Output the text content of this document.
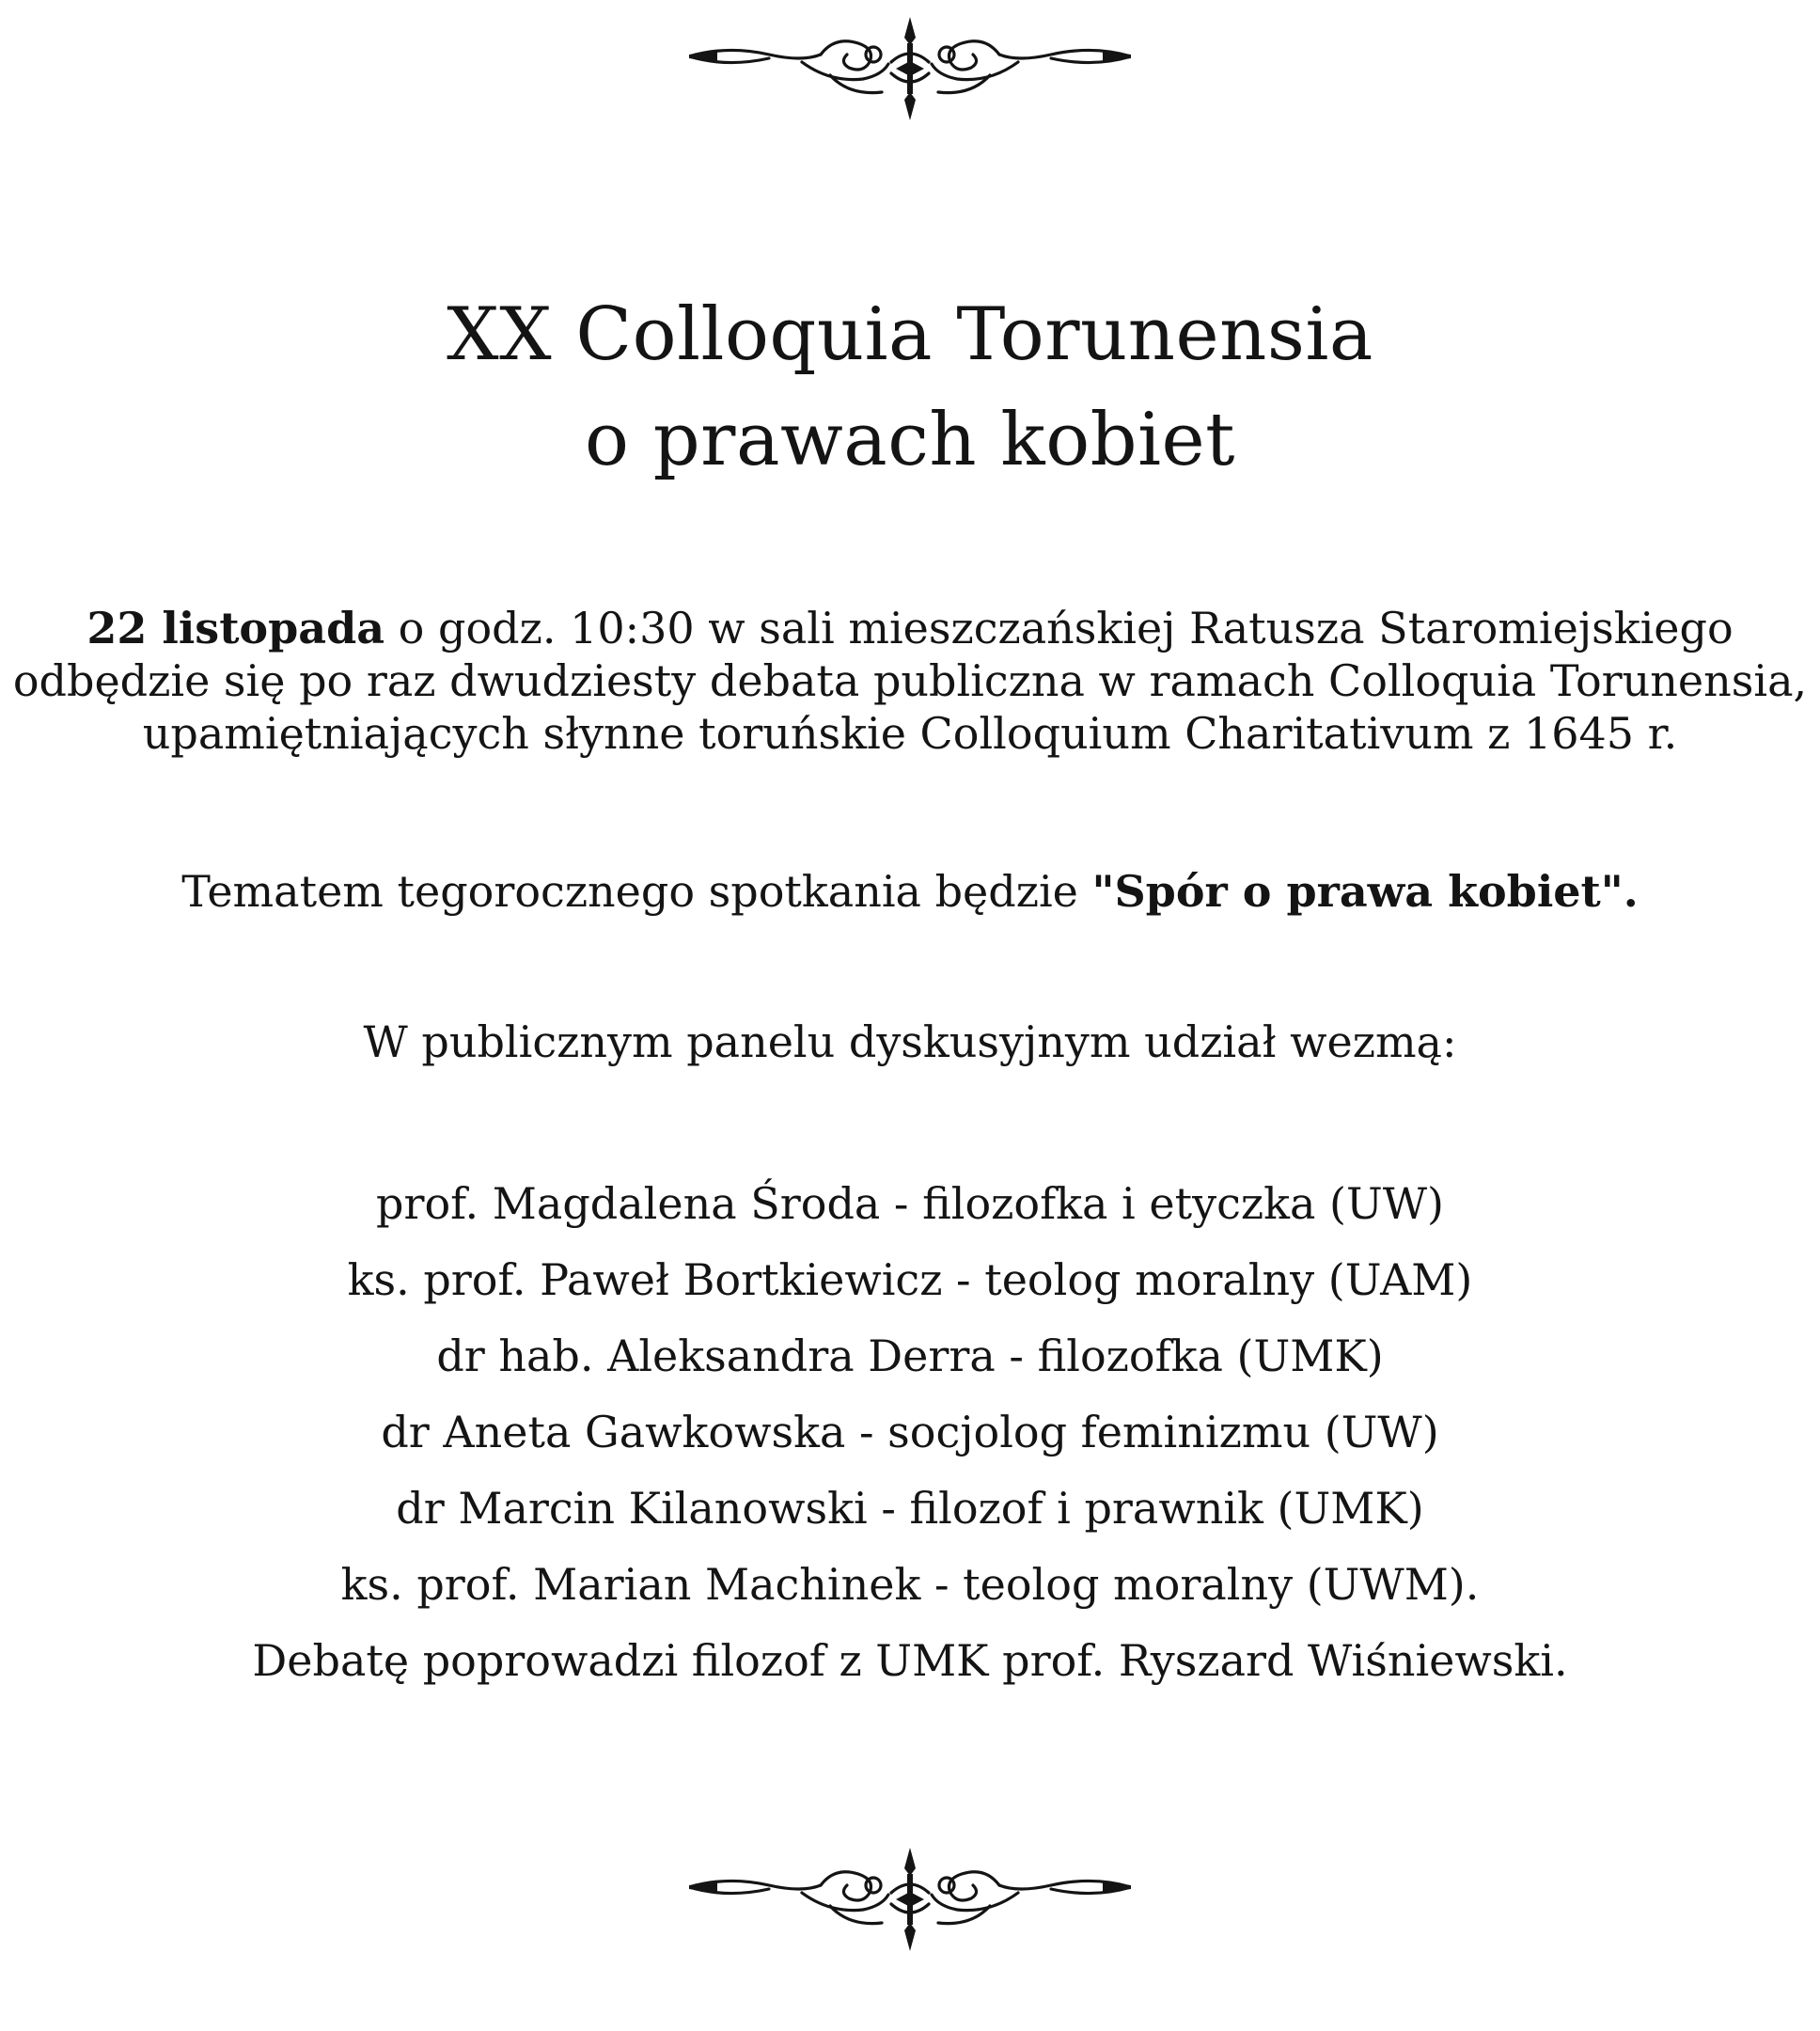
XX Colloquia Torunensia
o prawach kobiet
22 listopada o godz. 10:30 w sali mieszczańskiej Ratusza Staromiejskiego
odbędzie się po raz dwudziesty debata publiczna w ramach Colloquia Torunensia,
upamiętniających słynne toruńskie Colloquium Charitativum z 1645 r.
Tematem tegorocznego spotkania będzie "Spór o prawa kobiet".
W publicznym panelu dyskusyjnym udział wezmą:
prof. Magdalena Środa - filozofka i etyczka (UW)
ks. prof. Paweł Bortkiewicz - teolog moralny (UAM)
dr hab. Aleksandra Derra - filozofka (UMK)
dr Aneta Gawkowska - socjolog feminizmu (UW)
dr Marcin Kilanowski - filozof i prawnik (UMK)
ks. prof. Marian Machinek - teolog moralny (UWM).
Debatę poprowadzi filozof z UMK prof. Ryszard Wiśniewski.
